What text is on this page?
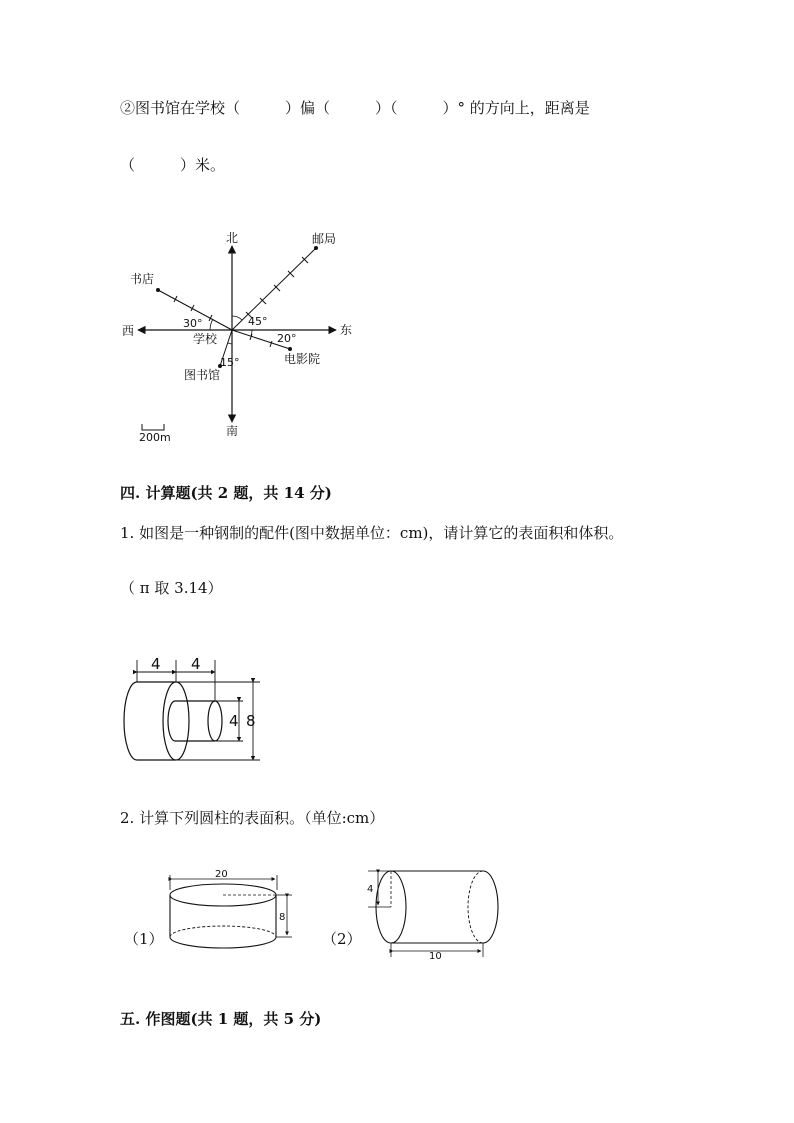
②图书馆在学校（　　　）偏（　　　）（　　　）° 的方向上，距离是
（　　　）米。
北
南
东
西
邮局
书店
电影院
图书馆
30°	45°
20°
15°
学校
200m
四. 计算题(共 2 题，共 14 分)
1. 如图是一种钢制的配件(图中数据单位：cm)，请计算它的表面积和体积。
（ π 取 3.14）
4 4
4 8
2. 计算下列圆柱的表面积。（单位:cm）
（1）
20
8
（2）
4
10
五. 作图题(共 1 题，共 5 分)
